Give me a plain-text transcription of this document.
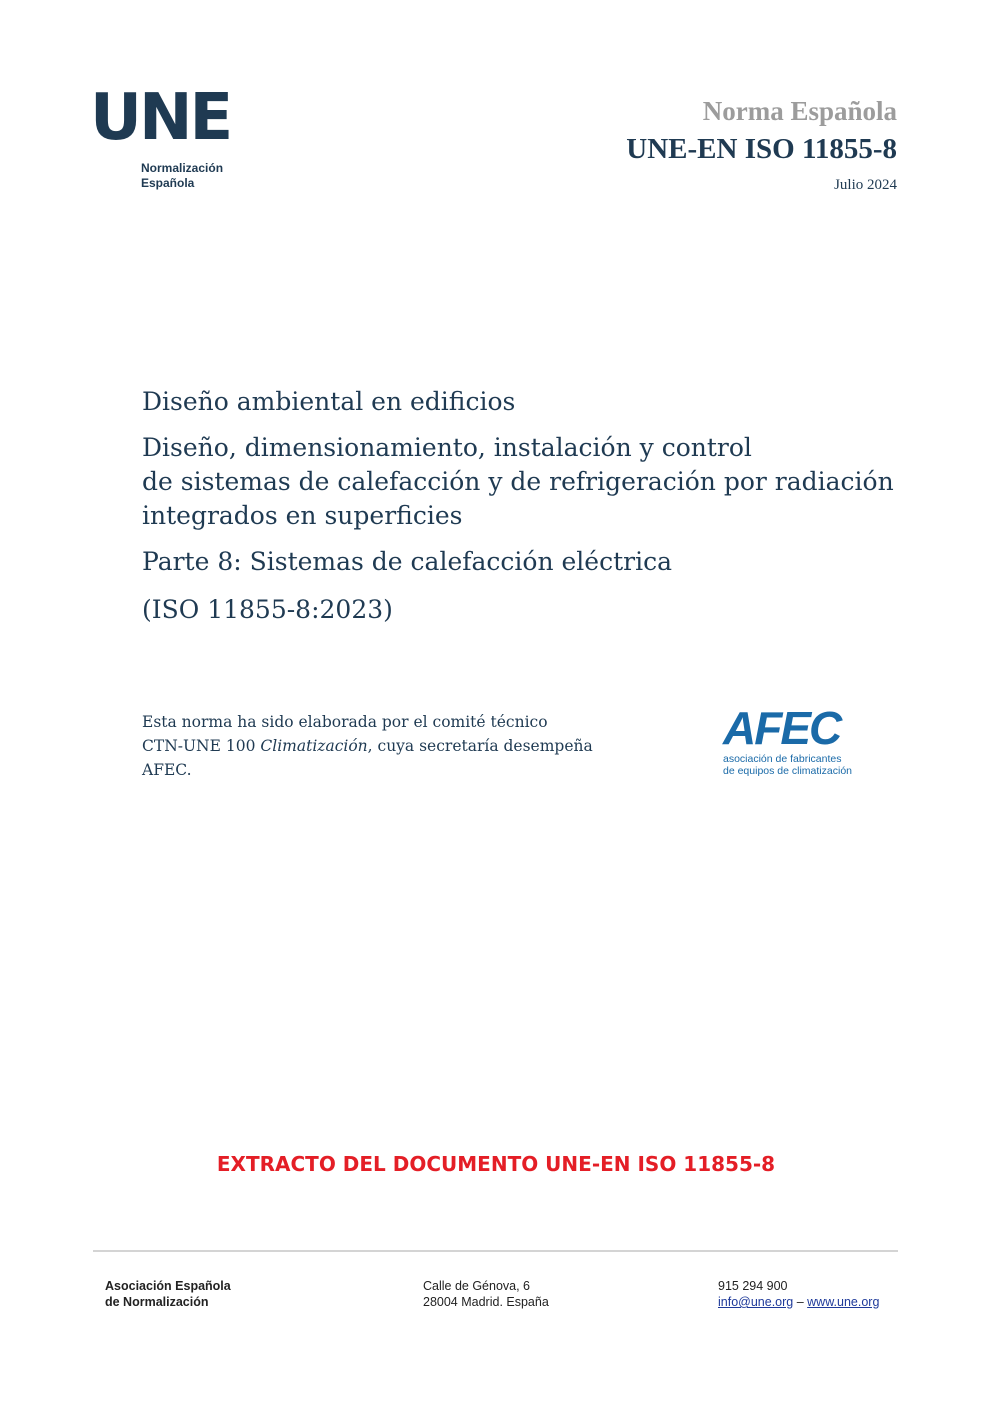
UNE
Normalización
Española
Norma Española
UNE-EN ISO 11855-8
Julio 2024

Diseño ambiental en edificios

Diseño, dimensionamiento, instalación y control

de sistemas de calefacción y de refrigeración por radiación

integrados en superficies

Parte 8: Sistemas de calefacción eléctrica

(ISO 11855-8:2023)

Esta norma ha sido elaborada por el comité técnico
CTN-UNE 100 Climatización, cuya secretaría desempeña
AFEC.
AFEC
asociación de fabricantes
de equipos de climatización
EXTRACTO DEL DOCUMENTO UNE-EN ISO 11855-8
Asociación Española
de Normalización
Calle de Génova, 6
28004 Madrid. España
915 294 900
info@une.org – www.une.org
